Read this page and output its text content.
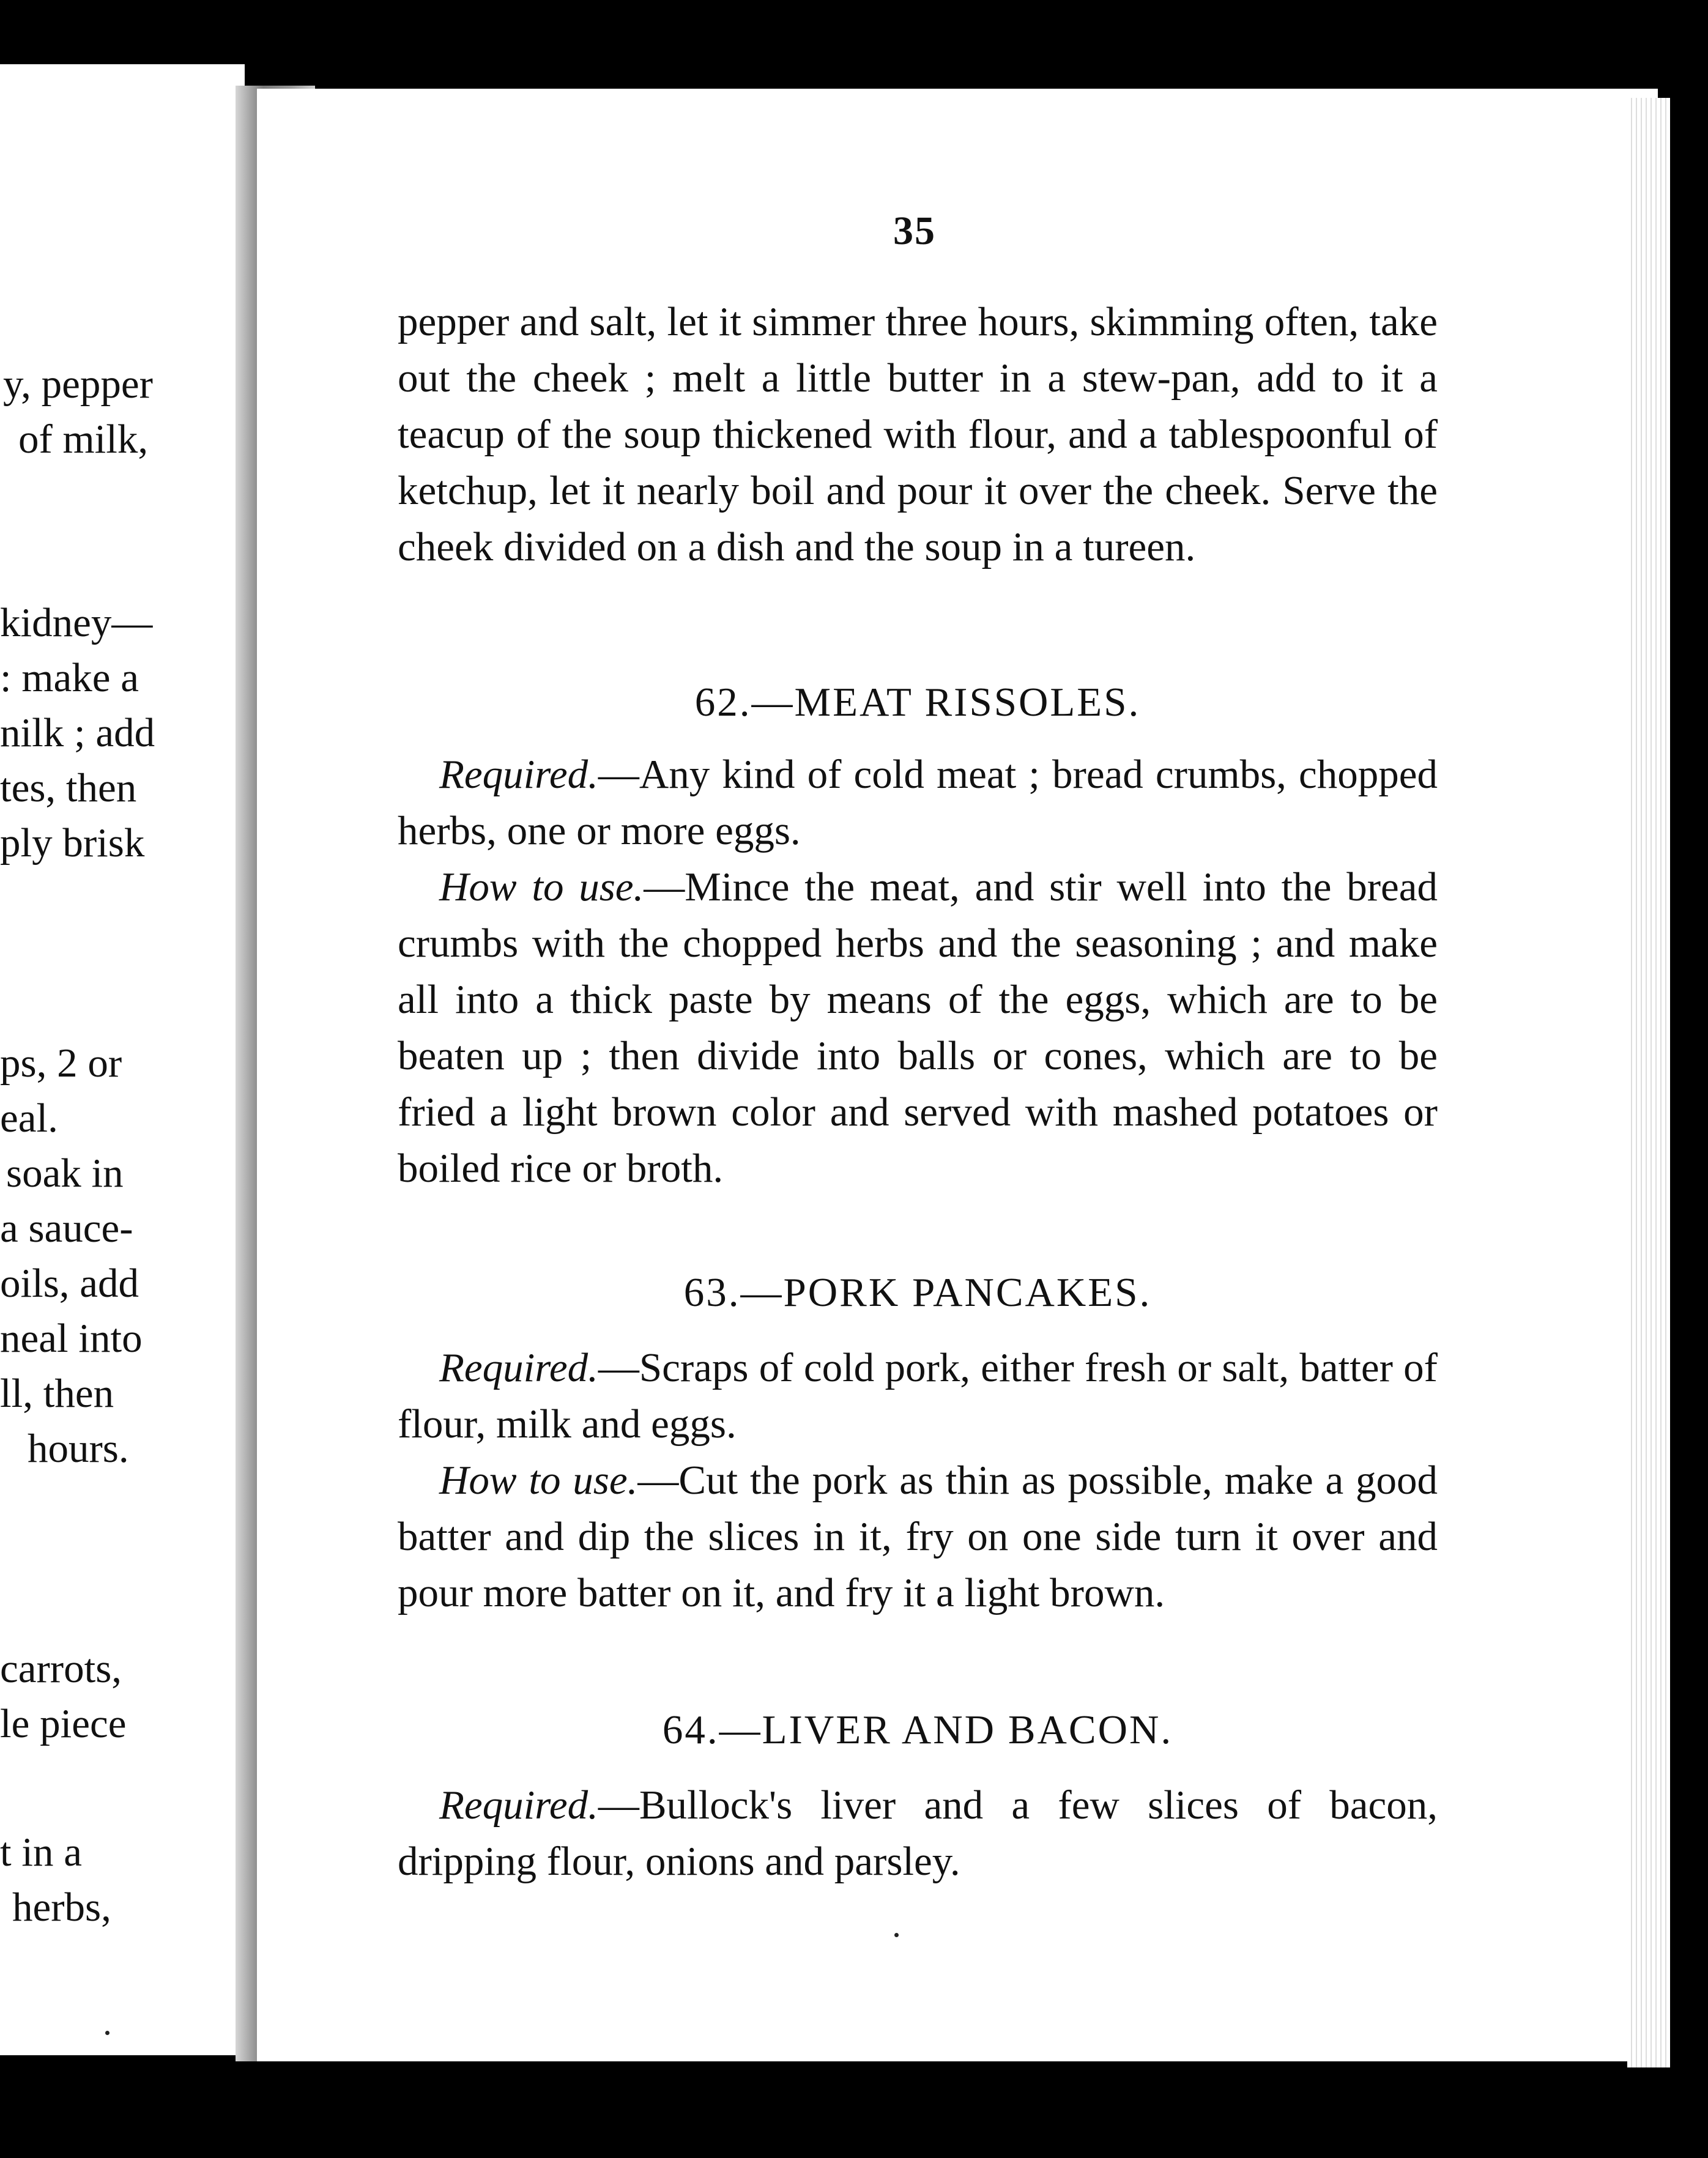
y, pepper
of milk,
kidney—
: make a
nilk ; add
tes, then
ply brisk
ps, 2 or
eal.
soak in
a sauce-
oils, add
neal into
ll, then
hours.
carrots,
le piece
t in a
herbs,
35

pepper and salt, let it simmer three hours, skimming often, take out the cheek ; melt a little butter in a stew-pan, add to it a teacup of the soup thickened with flour, and a tablespoonful of ketchup, let it nearly boil and pour it over the cheek. Serve the cheek divided on a dish and the soup in a tureen.

62.—MEAT RISSOLES.

Required.—Any kind of cold meat ; bread crumbs, chopped herbs, one or more eggs.

How to use.—Mince the meat, and stir well into the bread crumbs with the chopped herbs and the seasoning ; and make all into a thick paste by means of the eggs, which are to be beaten up ; then divide into balls or cones, which are to be fried a light brown color and served with mashed potatoes or boiled rice or broth.

63.—PORK PANCAKES.

Required.—Scraps of cold pork, either fresh or salt, batter of flour, milk and eggs.

How to use.—Cut the pork as thin as possible, make a good batter and dip the slices in it, fry on one side turn it over and pour more batter on it, and fry it a light brown.

64.—LIVER AND BACON.

Required.—Bullock's liver and a few slices of bacon, dripping flour, onions and parsley.
